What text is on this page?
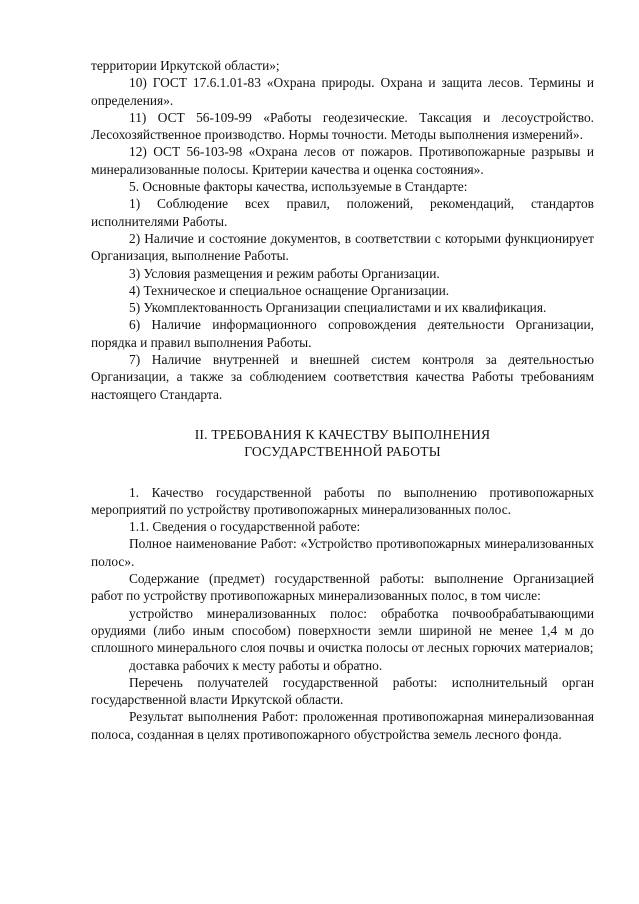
территории Иркутской области»;

10) ГОСТ 17.6.1.01-83 «Охрана природы. Охрана и защита лесов. Термины и определения».

11) ОСТ 56-109-99 «Работы геодезические. Таксация и лесоустройство. Лесохозяйственное производство. Нормы точности. Методы выполнения измерений».

12) ОСТ 56-103-98 «Охрана лесов от пожаров. Противопожарные разрывы и минерализованные полосы. Критерии качества и оценка состояния».

5. Основные факторы качества, используемые в Стандарте:

1) Соблюдение всех правил, положений, рекомендаций, стандартов исполнителями Работы.

2) Наличие и состояние документов, в соответствии с которыми функционирует Организация, выполнение Работы.

3) Условия размещения и режим работы Организации.

4) Техническое и специальное оснащение Организации.

5) Укомплектованность Организации специалистами и их квалификация.

6) Наличие информационного сопровождения деятельности Организации, порядка и правил выполнения Работы.

7) Наличие внутренней и внешней систем контроля за деятельностью Организации, а также за соблюдением соответствия качества Работы требованиям настоящего Стандарта.

II. ТРЕБОВАНИЯ К КАЧЕСТВУ ВЫПОЛНЕНИЯ
ГОСУДАРСТВЕННОЙ РАБОТЫ

1. Качество государственной работы по выполнению противопожарных мероприятий по устройству противопожарных минерализованных полос.

1.1. Сведения о государственной работе:

Полное наименование Работ: «Устройство противопожарных минерализованных полос».

Содержание (предмет) государственной работы: выполнение Организацией работ по устройству противопожарных минерализованных полос, в том числе:

устройство минерализованных полос: обработка почвообрабатывающими орудиями (либо иным способом) поверхности земли шириной не менее 1,4 м до сплошного минерального слоя почвы и очистка полосы от лесных горючих материалов;

доставка рабочих к месту работы и обратно.

Перечень получателей государственной работы: исполнительный орган государственной власти Иркутской области.

Результат выполнения Работ: проложенная противопожарная минерализованная полоса, созданная в целях противопожарного обустройства земель лесного фонда.
